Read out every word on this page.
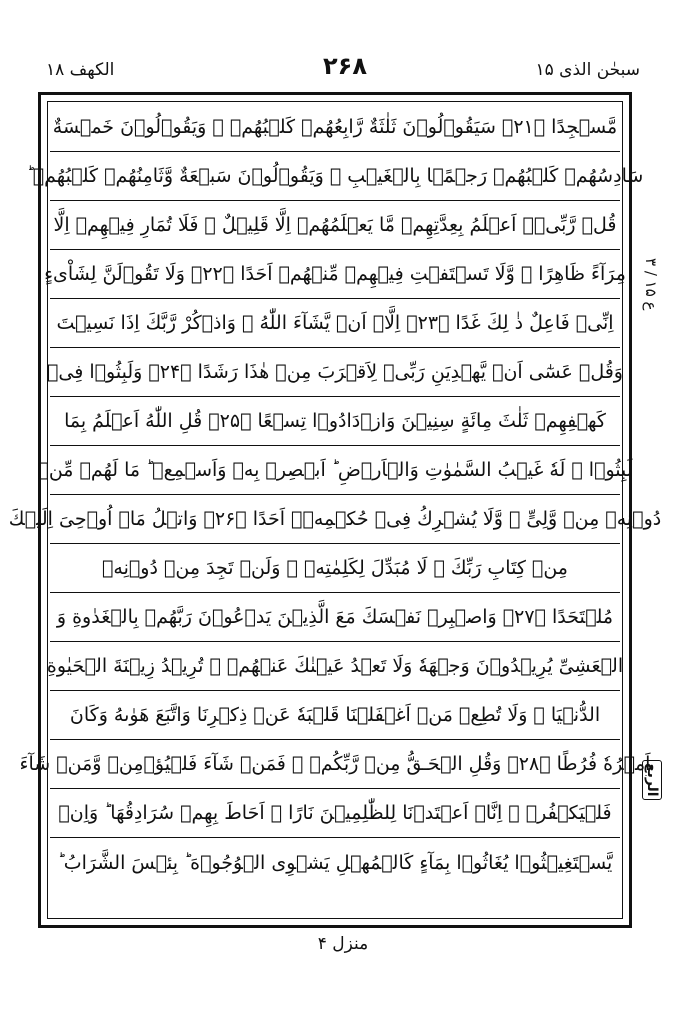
سبحٰن الذی ۱۵
۲۶۸
الکھف ۱۸
مَّسۡجِدًا ﴿۲۱﴾ سَيَقُوۡلُوۡنَ ثَلٰثَةٌ رَّابِعُهُمۡ كَلۡبُهُمۡ ۚ وَيَقُوۡلُوۡنَ خَمۡسَةٌ
سَادِسُهُمۡ كَلۡبُهُمۡ رَجۡمًۢا بِالۡغَيۡبِ ۚ وَيَقُوۡلُوۡنَ سَبۡعَةٌ وَّثَامِنُهُمۡ كَلۡبُهُمۡ ؕ
قُلۡ رَّبِّىۡۤ اَعۡلَمُ بِعِدَّتِهِمۡ مَّا يَعۡلَمُهُمۡ اِلَّا قَلِيۡلٌ ۙ فَلَا تُمَارِ فِيۡهِمۡ اِلَّا
مِرَآءً ظَاهِرًا ۖ وَّلَا تَسۡتَفۡتِ فِيۡهِمۡ مِّنۡهُمۡ اَحَدًا ﴿۲۲﴾ وَلَا تَقُوۡلَنَّ لِشَاْىءٍ
اِنِّىۡ فَاعِلٌ ذٰ لِكَ غَدًا ﴿۲۳﴾ اِلَّاۤ اَنۡ يَّشَآءَ اللّٰهُ ۖ وَاذۡكُرْ رَّبَّكَ اِذَا نَسِيۡتَ
وَقُلۡ عَسٰٓى اَنۡ يَّهۡدِيَنِ رَبِّىۡ لِاَقۡرَبَ مِنۡ هٰذَا رَشَدًا ﴿۲۴﴾ وَلَبِثُوۡا فِىۡ
كَهۡفِهِمۡ ثَلٰثَ مِائَةٍ سِنِيۡنَ وَازۡدَادُوۡا تِسۡعًا ﴿۲۵﴾ قُلِ اللّٰهُ اَعۡلَمُ بِمَا
لَبِثُوۡا ۚ لَهٗ غَيۡبُ السَّمٰوٰتِ وَالۡاَرۡضِ ؕ اَبۡصِرۡ بِهٖ وَاَسۡمِعۡ ؕ مَا لَهُمۡ مِّنۡ
دُوۡنِهٖ مِنۡ وَّلِىٍّ ۖ وَّلَا يُشۡرِكُ فِىۡ حُكۡمِهٖۤ اَحَدًا ﴿۲۶﴾ وَاتۡلُ مَاۤ اُوۡحِىَ اِلَيۡكَ
مِنۡ كِتَابِ رَبِّكَ ۚ لَا مُبَدِّلَ لِكَلِمٰتِهٖ ۚ وَلَنۡ تَجِدَ مِنۡ دُوۡنِهٖ
مُلۡتَحَدًا ﴿۲۷﴾ وَاصۡبِرۡ نَفۡسَكَ مَعَ الَّذِيۡنَ يَدۡعُوۡنَ رَبَّهُمۡ بِالۡغَدٰوةِ وَ
الۡعَشِىِّ يُرِيۡدُوۡنَ وَجۡهَهٗ وَلَا تَعۡدُ عَيۡنٰكَ عَنۡهُمۡ ۚ تُرِيۡدُ زِيۡنَةَ الۡحَيٰوةِ
الدُّنۡيَا ۚ وَلَا تُطِعۡ مَنۡ اَغۡفَلۡنَا قَلۡبَهٗ عَنۡ ذِكۡرِنَا وَاتَّبَعَ هَوٰٮهُ وَكَانَ
اَمۡرُهٗ فُرُطًا ﴿۲۸﴾ وَقُلِ الۡحَـقُّ مِنۡ رَّبِّكُمۡ ۚ فَمَنۡ شَآءَ فَلۡيُؤۡمِنۡ وَّمَنۡ شَآءَ
فَلۡيَكۡفُرۡ ۚ اِنَّاۤ اَعۡتَدۡنَا لِلظّٰلِمِيۡنَ نَارًا ۙ اَحَاطَ بِهِمۡ سُرَادِقُهَا ؕ وَاِنۡ
يَّسۡتَغِيۡثُوۡا يُغَاثُوۡا بِمَآءٍ كَالۡمُهۡلِ يَشۡوِى الۡوُجُوۡهَ ؕ بِئۡسَ الشَّرَابُ ؕ
ع ۱۵ / ۳
الربع
منزل ۴
